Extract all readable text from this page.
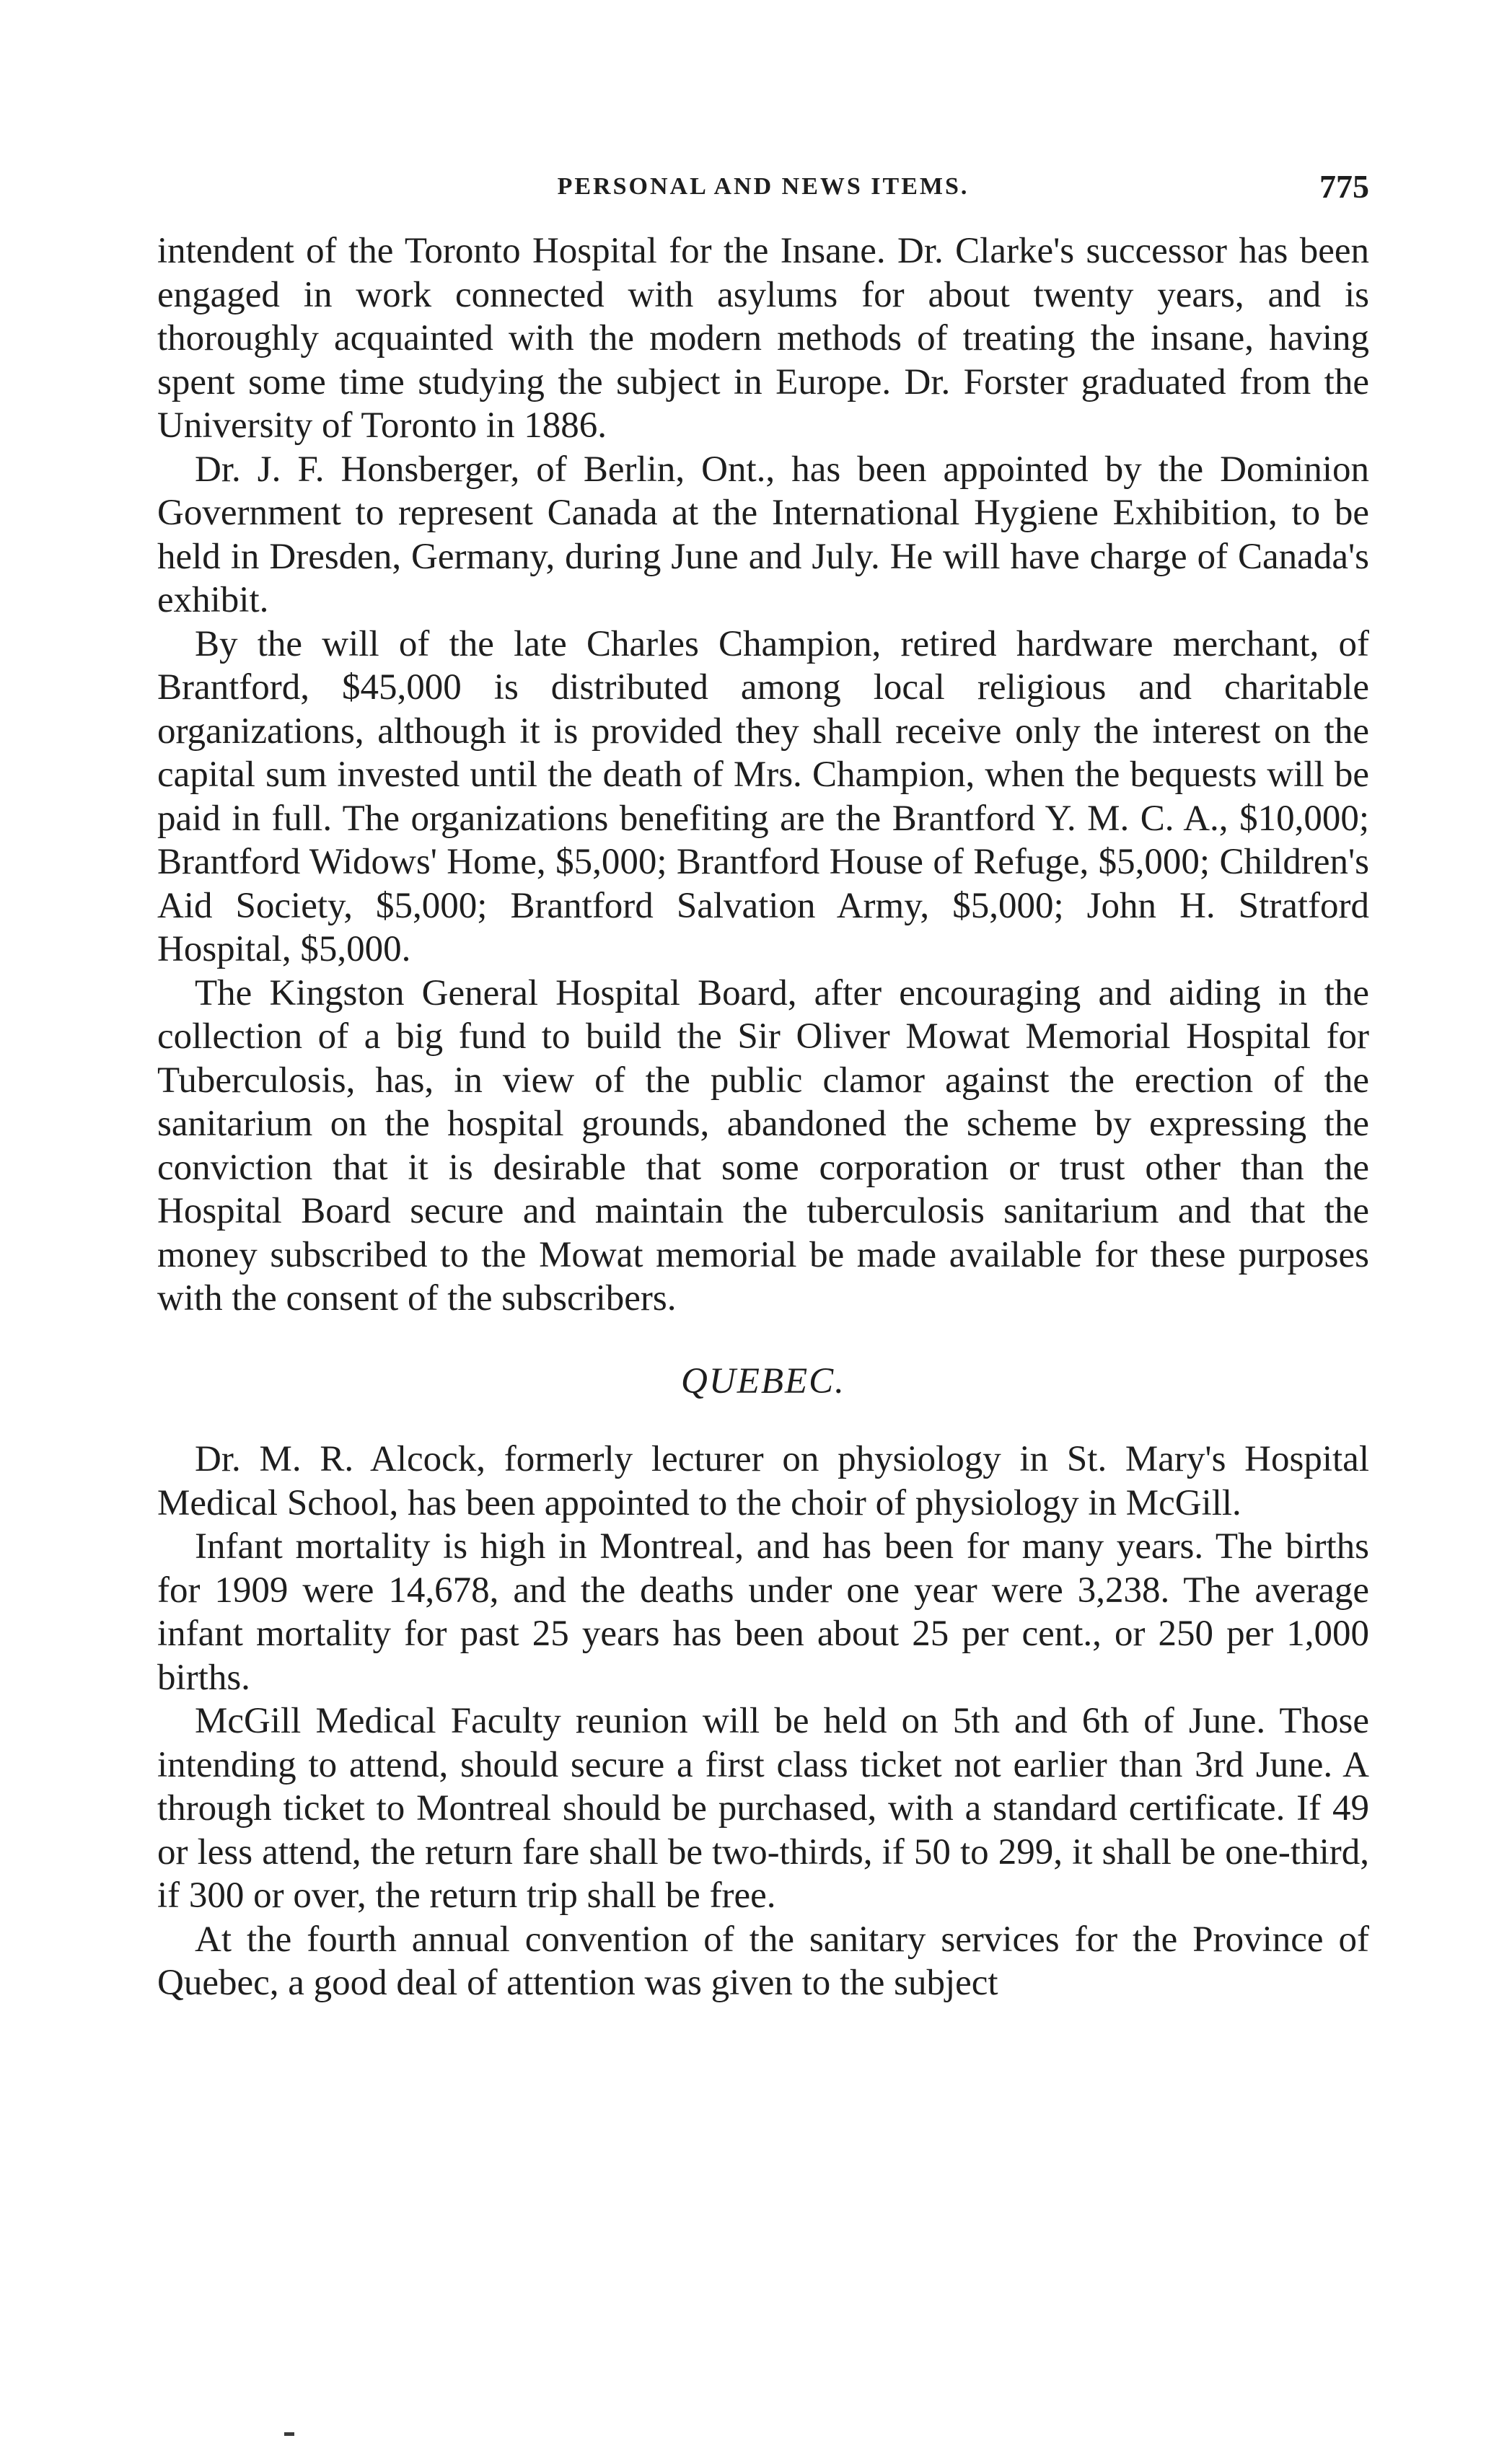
PERSONAL AND NEWS ITEMS.	775

intendent of the Toronto Hospital for the Insane. Dr. Clarke's successor has been engaged in work connected with asylums for about twenty years, and is thoroughly acquainted with the modern methods of treating the insane, having spent some time studying the subject in Europe. Dr. Forster graduated from the University of Toronto in 1886.

Dr. J. F. Honsberger, of Berlin, Ont., has been appointed by the Dominion Government to represent Canada at the International Hygiene Exhibition, to be held in Dresden, Germany, during June and July. He will have charge of Canada's exhibit.

By the will of the late Charles Champion, retired hardware merchant, of Brantford, $45,000 is distributed among local religious and charitable organizations, although it is provided they shall receive only the interest on the capital sum invested until the death of Mrs. Champion, when the bequests will be paid in full. The organizations benefiting are the Brantford Y. M. C. A., $10,000; Brantford Widows' Home, $5,000; Brantford House of Refuge, $5,000; Children's Aid Society, $5,000; Brantford Salvation Army, $5,000; John H. Stratford Hospital, $5,000.

The Kingston General Hospital Board, after encouraging and aiding in the collection of a big fund to build the Sir Oliver Mowat Memorial Hospital for Tuberculosis, has, in view of the public clamor against the erection of the sanitarium on the hospital grounds, abandoned the scheme by expressing the conviction that it is desirable that some corporation or trust other than the Hospital Board secure and maintain the tuberculosis sanitarium and that the money subscribed to the Mowat memorial be made available for these purposes with the consent of the subscribers.

QUEBEC.

Dr. M. R. Alcock, formerly lecturer on physiology in St. Mary's Hospital Medical School, has been appointed to the choir of physiology in McGill.

Infant mortality is high in Montreal, and has been for many years. The births for 1909 were 14,678, and the deaths under one year were 3,238. The average infant mortality for past 25 years has been about 25 per cent., or 250 per 1,000 births.

McGill Medical Faculty reunion will be held on 5th and 6th of June. Those intending to attend, should secure a first class ticket not earlier than 3rd June. A through ticket to Montreal should be purchased, with a standard certificate. If 49 or less attend, the return fare shall be two-thirds, if 50 to 299, it shall be one-third, if 300 or over, the return trip shall be free.

At the fourth annual convention of the sanitary services for the Province of Quebec, a good deal of attention was given to the subject
